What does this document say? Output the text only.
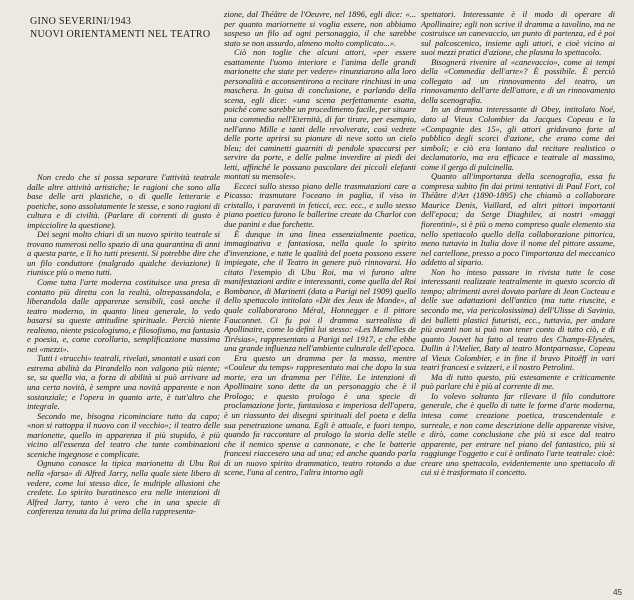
GINO SEVERINI/1943
NUOVI ORIENTAMENTI NEL TEATRO

Non credo che si possa separare l'attività teatrale dalle altre attività artistiche; le ragioni che sono alla base delle arti plastiche, o di quelle letterarie e poetiche, sono assolutamente le stesse, e sono ragioni di cultura e di civiltà. (Parlare di correnti di gusto è impicciolire la questione).

Dei segni molto chiari di un nuovo spirito teatrale si trovano numerosi nello spazio di una quarantina di anni a questa parte, e li ho tutti presenti. Si potrebbe dire che un filo conduttore (malgrado qualche deviazione) li riunisce più o meno tutti.

Come tutta l'arte moderna costituisce una presa di contatto più diretta con la realtà, oltrepassandola, e liberandola dalle apparenze sensibili, così anche il teatro moderno, in quanto linea generale, lo vedo basarsi su queste attitudine spirituale. Perciò niente realismo, niente psicologismo, e filosofismo, ma fantasia e poesia, e, come corollario, semplificazione massima nei «mezzi».

Tutti i «trucchi» teatrali, rivelati, smontati e usati con estrema abilità da Pirandello non valgono più niente; se, su quella via, a forza di abilità si può arrivare ad una certa novità, è sempre una novità apparente e non sostanziale; e l'opera in quanto arte, è tutt'altro che integrale.

Secondo me, bisogna ricominciare tutto da capo; «non si rattoppa il nuovo con il vecchio»; il teatro delle marionette, quello in apparenza il più stupido, è più vicino all'essenza del teatro che tante combinazioni sceniche ingegnose e complicate.

Ognuno conosce la tipica marionetta di Ubu Roi nella «farsa» di Alfred Jarry, nella quale siete libero di vedere, come lui stesso dice, le multiple allusioni che credete. Lo spirito buratinesco era nelle intenzioni di Alfred Jarry, tanto è vero che in una specie di conferenza tenuta da lui prima della rappresenta-

zione, dal Théâtre de l'Oeuvre, nel 1896, egli dice: «... per quanto mariornette si voglia essere, non abbiamo sospeso un filo ad ogni personaggio, il che sarebbe stato se non assurdo, almeno molto complicato...».

Ciò non toglie che alcuni attori, «per essere esattamente l'uomo interiore e l'anima delle grandi marionette che state per vedere» rinunziarono alla loro personalità e acconsentirono a recitare rinchiusi in una maschera. In guisa di conclusione, e parlando della scena, egli dice: «una scena perfettamente esatta, poiché come sarebbe un procedimento facile, per situare una commedia nell'Eternità, di far tirare, per esempio, nell'anno Mille e tanti delle revolverate, così vedrete delle porte aprirsi su pianure di neve sotto un cielo bleu; dei caminetti guarniti di pendole spaccarsi per servire da porte, e delle palme inverdire ai piedi dei letti, affinché le possano pascolare dei piccoli elefanti montati su mensole».

Ecceci sullo stesso piano delle trasmutazioni care a Picasso: trasmutare l'oceano in paglia, il viso in cristallo, i paraventi in feticci, ecc. ecc., e sullo stesso piano poetico furono le ballerine create da Charlot con due panini e due forchette.

È dunque in una linea essenzialmente poetica, immaginativa e fantasiosa, nella quale lo spirito d'invenzione, e tutte le qualità del poeta possono essere impiegate, che il Teatro in genere può rinnovarsi. Ho citato l'esempio di Ubu Roi, ma vi furono altre manifestazioni ardite e interessanti, come quella del Roi Bombance, di Marinetti (data a Parigi nel 1909) quello dello spettacolo intitolato «Dit des Jeux de Monde», al quale collaborarono Méral, Honnegger e il pittore Fauconnet. Ci fu poi il dramma surrealista di Apollinaire, come lo definì lui stesso: «Les Mamelles de Tirésias», rappresentato a Parigi nel 1917, e che ebbe una grande influenza nell'ambiente culturale dell'epoca.

Era questo un dramma per la massa, mentre «Couleur du temps» rappresentato mai che dopo la sua morte, era un dramma per l'élite. Le intenzioni di Apollinaire sono dette da un personaggio che è il Prologo; e questo prologo è una specie di proclamazione forte, fantasiosa e imperiosa dell'opera, è un riassunto dei disegni spirituali del poeta e della sua penetrazione umana. Egli è attuale, e fuori tempo, quando fa raccontare al prologo la storia delle stelle che il nemico spense a cannonate, e che le batterie francesi riaccesero una ad una; ed anche quando parla di un nuovo spirito drammatico, teatro rotondo a due scene, l'una al centro, l'altra intorno agli

spettatori. Interessante è il modo di operare di Apollinaire; egli non scrive il dramma a tavolino, ma ne costruisce un canevaccio, un punto di partenza, ed è poi sul palcoscenico, insieme agli attori, e cioè vicino ai suoi mezzi pratici d'azione, che plasma lo spettacolo.

Bisognerà rivenire al «canevaccio», come ai tempi della «Commedia dell'arte»? È possibile. È perciò collegato ad un rinnovamento del teatro, un rinnovamento dell'arte dell'attore, e di un rinnovamento della scenografia.

In un dramma interessante di Obey, intitolato Noé, dato al Vieux Colombier da Jacques Copeau e la «Compagnie des 15», gli attori gridavano forte al pubblico degli scorci d'azione, che erano come dei simboli; e ciò era lontano dal recitare realistico o declamatorio, ma era efficace e teatrale al massimo, come il gergo di pulcinella.

Quanto all'importanza della scenografia, essa fu compresa subito fin dai primi tentativi di Paul Fort, col Théâtre d'Art (1890-1895) che chiamò a collaborare Maurice Denis, Vuillard, ed altri pittori importanti dell'epoca; da Serge Diaghilev, ai nostri «maggi fiorentini», si è più o meno compreso quale elemento sia nello spettacolo quello della collaborazione pittorica, meno tuttavia in Italia dove il nome del pittore assume, nel cartellone, presso a poco l'importanza del meccanico addetto al sipario.

Non ho inteso passare in rivista tutte le cose interessanti realizzate teatralmente in questo scorcio di tempo; altrimenti avrei dovuto parlare di Jean Cocteau e delle sue adattazioni dell'antico (ma tutte riuscite, e secondo me, via pericolosissima) dell'Ulisse di Savinio, dei balletti plastici futuristi, ecc., tuttavia, per andare più avanti non si può non tener conto di tutto ciò, e di quanto Jouvet ha fatto al teatro des Champs-Elysées, Dullin à l'Atelier, Baty al teatro Montparnasse, Copeau al Vieux Colombier, e in fine il bravo Pitoëff in vari teatri francesi e svizzeri, e il nostro Petrolini.

Ma di tutto questo, più estesamente e criticamente può parlare chi è più al corrente di me.

Io volevo soltanto far rilevare il filo conduttore generale, che è quello di tutte le forme d'arte moderna, intesa come creazione poetica, trascendentale e surreale, e non come descrizione delle apparenze visive, e dirò, come conclusione che più si esce dal teatro apparente, per entrare nel piano del fantastico, più si raggiunge l'oggetto e cui è ordinato l'arte teatrale: cioè: creare uno spettacolo, evidentemente uno spettacolo di cui si è trasformato il concetto.

45
